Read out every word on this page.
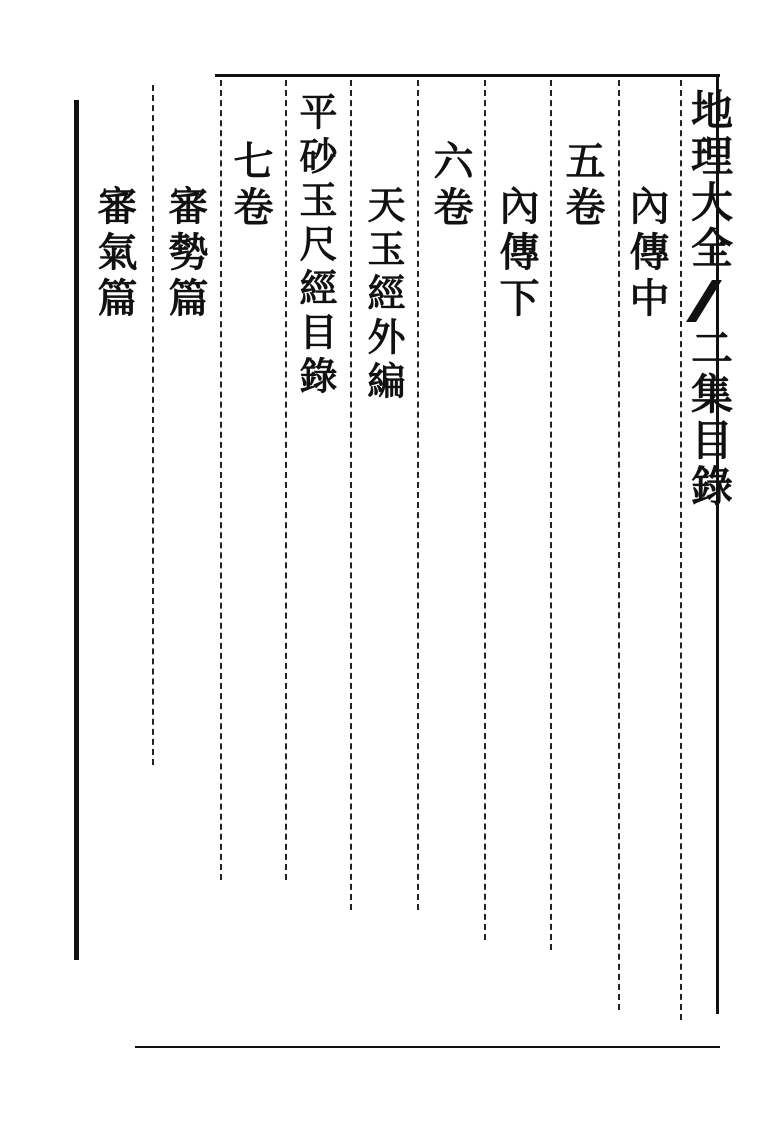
地理大全
二集目錄
內傳中
五卷
內傳下
六卷
天玉經外編
平砂玉尺經目錄
七卷
審勢篇
審氣篇
